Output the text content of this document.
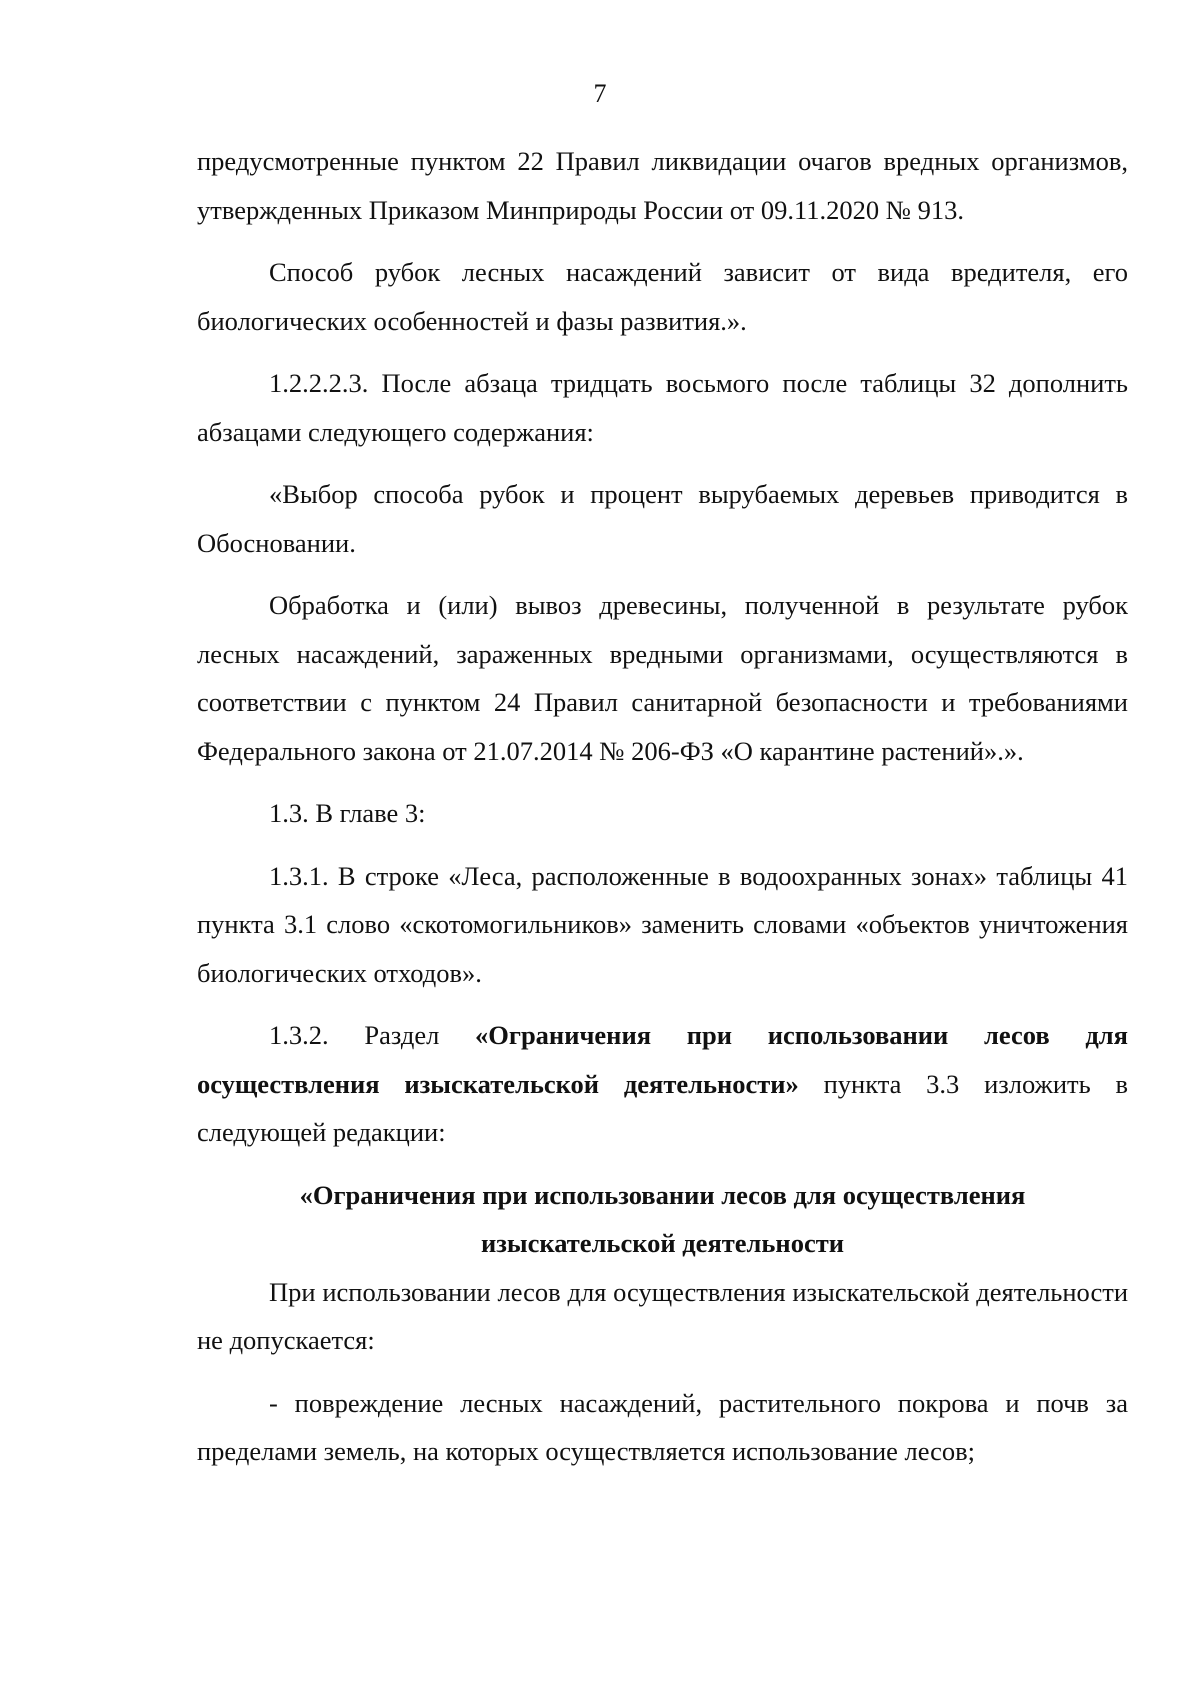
7

предусмотренные пунктом 22 Правил ликвидации очагов вредных организмов, утвержденных Приказом Минприроды России от 09.11.2020 № 913.

Способ рубок лесных насаждений зависит от вида вредителя, его биологических особенностей и фазы развития.».

1.2.2.2.3. После абзаца тридцать восьмого после таблицы 32 дополнить абзацами следующего содержания:

«Выбор способа рубок и процент вырубаемых деревьев приводится в Обосновании.

Обработка и (или) вывоз древесины, полученной в результате рубок лесных насаждений, зараженных вредными организмами, осуществляются в соответствии с пунктом 24 Правил санитарной безопасности и требованиями Федерального закона от 21.07.2014 № 206-ФЗ «О карантине растений».».

1.3. В главе 3:

1.3.1. В строке «Леса, расположенные в водоохранных зонах» таблицы 41 пункта 3.1 слово «скотомогильников» заменить словами «объектов уничтожения биологических отходов».

1.3.2. Раздел «Ограничения при использовании лесов для осуществления изыскательской деятельности» пункта 3.3 изложить в следующей редакции:

«Ограничения при использовании лесов для осуществления

изыскательской деятельности

При использовании лесов для осуществления изыскательской деятельности не допускается:

- повреждение лесных насаждений, растительного покрова и почв за пределами земель, на которых осуществляется использование лесов;
